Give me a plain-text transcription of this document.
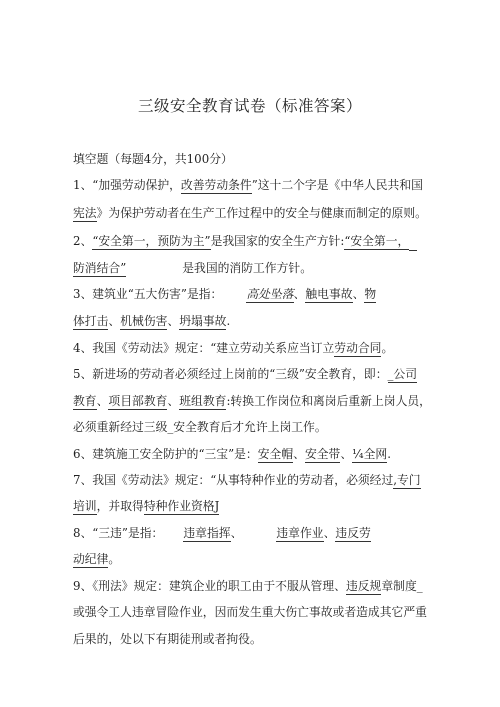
三级安全教育试卷（标准答案）
填空题（每题4分，共100分）
1、“加强劳动保护，改善劳动条件”这十二个字是《中华人民共和国
宪法》为保护劳动者在生产工作过程中的安全与健康而制定的原则。
2、“安全第一，预防为主”是我国家的安全生产方针:“安全第一，
防消结合”	是我国的消防工作方针。
3、建筑业“五大伤害”是指： 高处坠落、触电事故、物
体打击、机械伤害、坍塌事故.
4、我国《劳动法》规定：“建立劳动关系应当订立劳动合同。
5、新进场的劳动者必须经过上岗前的“三级”安全教育，即：_公司
教育、项目部教育、班组教育:转换工作岗位和离岗后重新上岗人员，
必须重新经过三级_安全教育后才允许上岗工作。
6、建筑施工安全防护的“三宝”是：安全帽、安全带、¼全网.
7、我国《劳动法》规定：“从事特种作业的劳动者，必须经过,专门
培训，并取得特种作业资格J
8、“三违”是指： 违章指挥、	违章作业、违反劳
动纪律。
9、《刑法》规定：建筑企业的职工由于不服从管理、违反规章制度_
或强令工人违章冒险作业，因而发生重大伤亡事故或者造成其它严重
后果的，处以下有期徒刑或者拘役。
